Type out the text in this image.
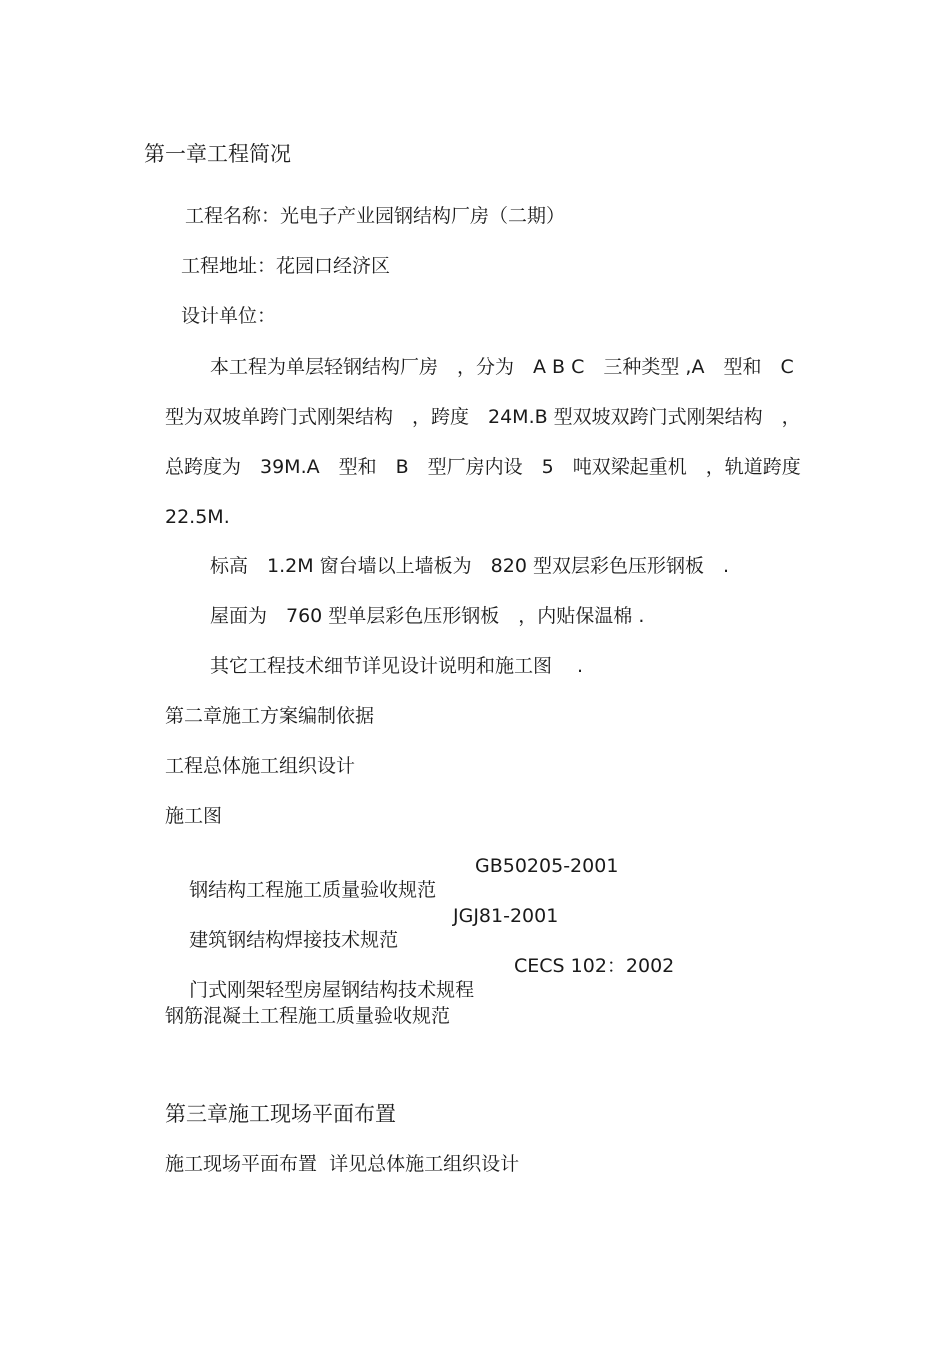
第一章工程简况

工程名称：光电子产业园钢结构厂房（二期）

工程地址：花园口经济区

设计单位：

本工程为单层轻钢结构厂房　，分为　A B C　三种类型 ,A　型和　C

型为双坡单跨门式刚架结构　，跨度　24M.B 型双坡双跨门式刚架结构　，

总跨度为　39M.A　型和　B　型厂房内设　5　吨双梁起重机　，轨道跨度

22.5M.

标高　1.2M 窗台墙以上墙板为　820 型双层彩色压形钢板　.

屋面为　760 型单层彩色压形钢板　，内贴保温棉 .

其它工程技术细节详见设计说明和施工图　 .

第二章施工方案编制依据

工程总体施工组织设计

施工图

钢结构工程施工质量验收规范

GB50205-2001

建筑钢结构焊接技术规范

JGJ81-2001

门式刚架轻型房屋钢结构技术规程

CECS 102：2002

钢筋混凝土工程施工质量验收规范

第三章施工现场平面布置

施工现场平面布置  详见总体施工组织设计
